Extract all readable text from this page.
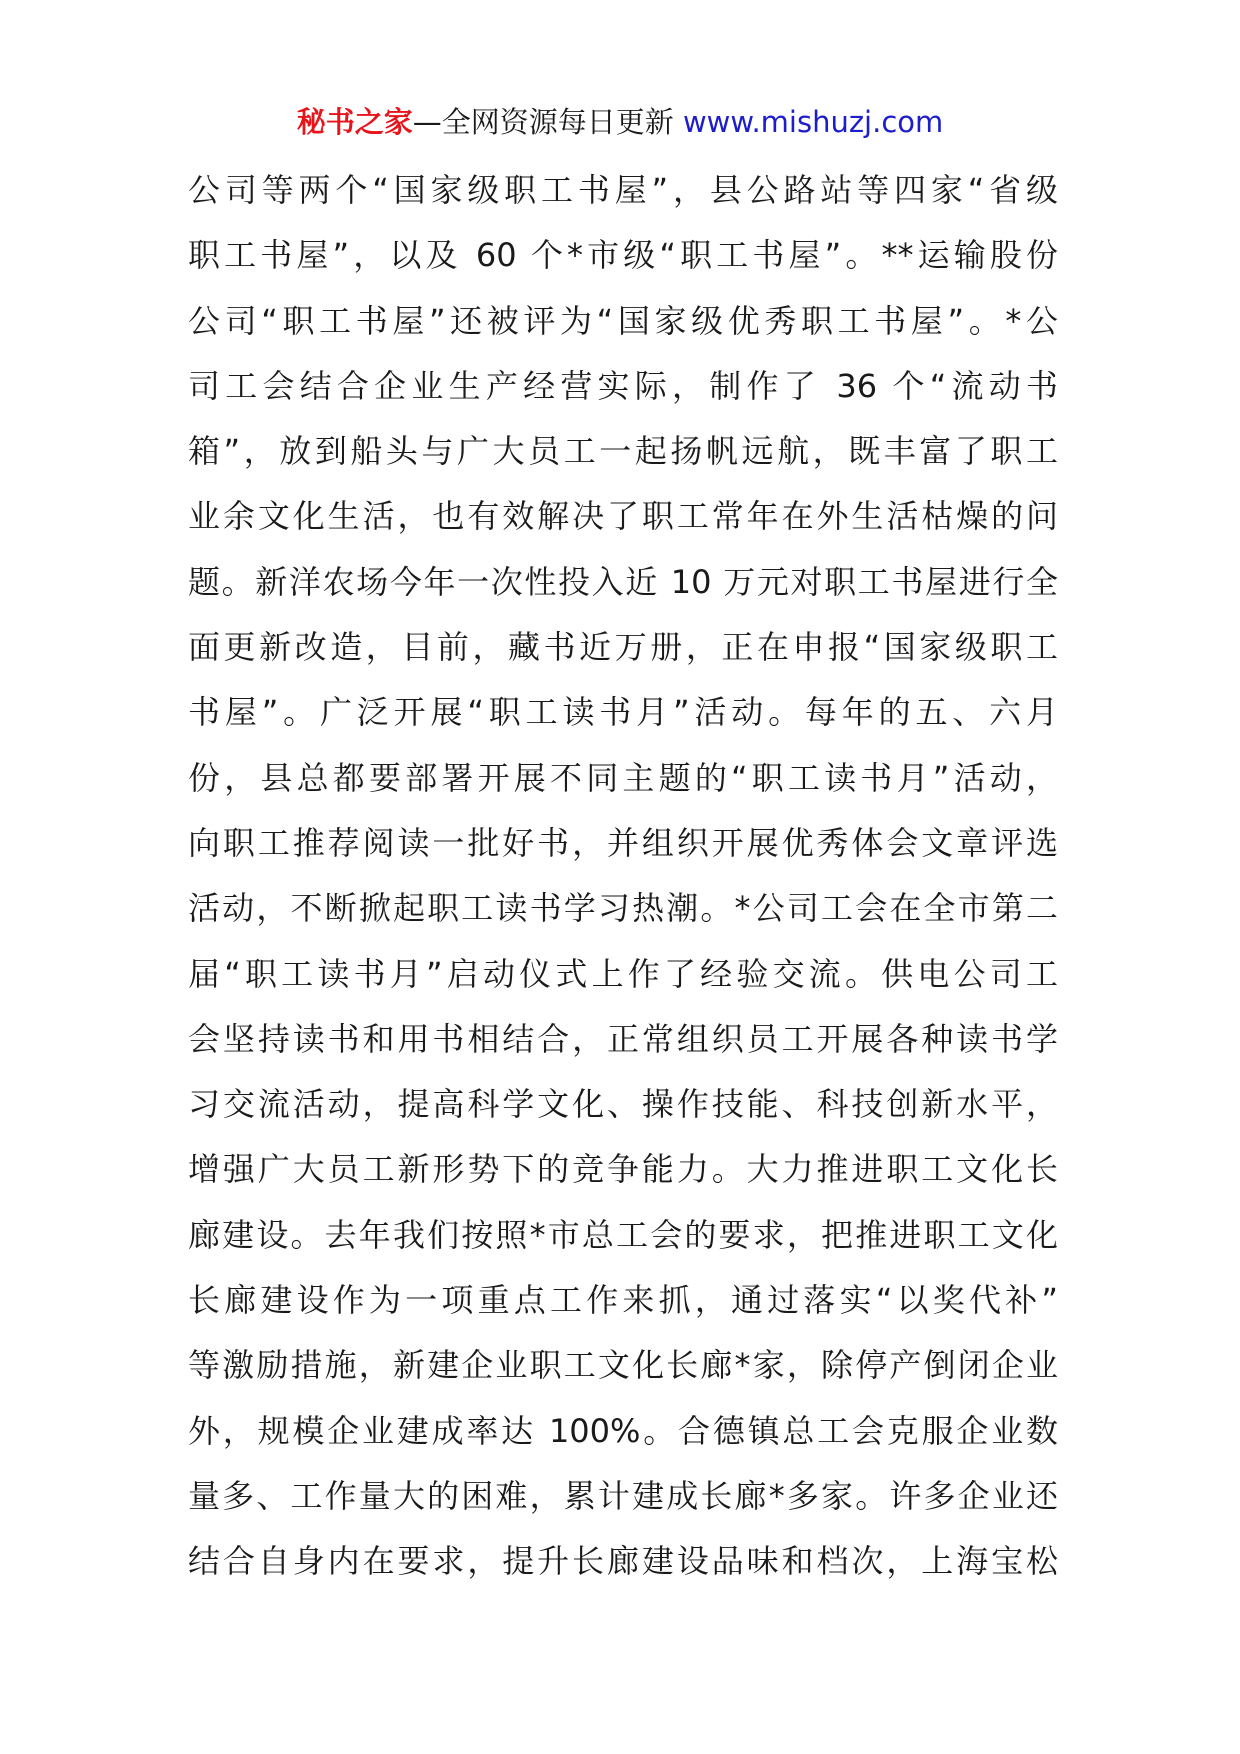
秘书之家—全网资源每日更新 www.mishuzj.com
公司等两个“国家级职工书屋”，县公路站等四家“省级
职工书屋”，以及 60 个*市级“职工书屋”。**运输股份
公司“职工书屋”还被评为“国家级优秀职工书屋”。*公
司工会结合企业生产经营实际，制作了 36 个“流动书
箱”，放到船头与广大员工一起扬帆远航，既丰富了职工
业余文化生活，也有效解决了职工常年在外生活枯燥的问
题。新洋农场今年一次性投入近 10 万元对职工书屋进行全
面更新改造，目前，藏书近万册，正在申报“国家级职工
书屋”。广泛开展“职工读书月”活动。每年的五、六月
份，县总都要部署开展不同主题的“职工读书月”活动，
向职工推荐阅读一批好书，并组织开展优秀体会文章评选
活动，不断掀起职工读书学习热潮。*公司工会在全市第二
届“职工读书月”启动仪式上作了经验交流。供电公司工
会坚持读书和用书相结合，正常组织员工开展各种读书学
习交流活动，提高科学文化、操作技能、科技创新水平，
增强广大员工新形势下的竞争能力。大力推进职工文化长
廊建设。去年我们按照*市总工会的要求，把推进职工文化
长廊建设作为一项重点工作来抓，通过落实“以奖代补”
等激励措施，新建企业职工文化长廊*家，除停产倒闭企业
外，规模企业建成率达 100%。合德镇总工会克服企业数
量多、工作量大的困难，累计建成长廊*多家。许多企业还
结合自身内在要求，提升长廊建设品味和档次，上海宝松
